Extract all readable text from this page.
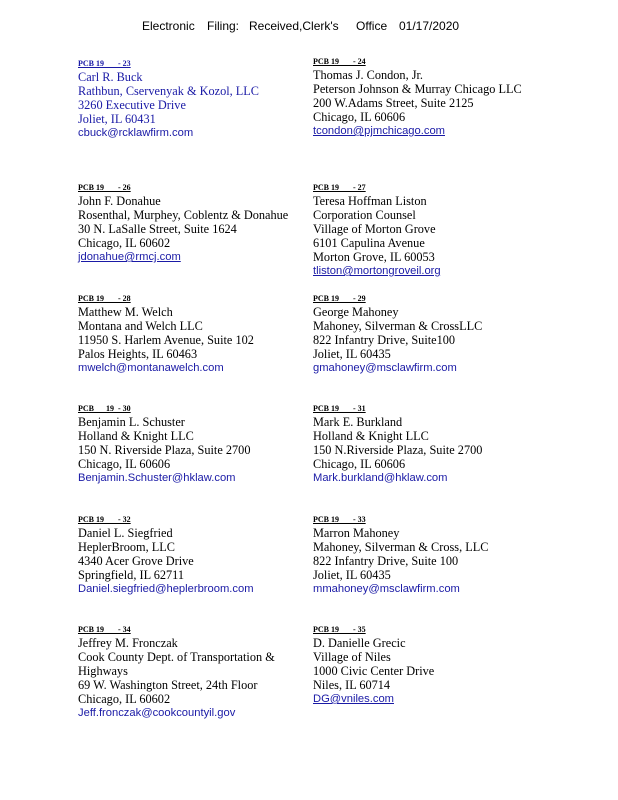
Electronic

Filing:

Received,Clerk's

Office

01/17/2020

PCB 19       - 23
Carl R. Buck
Rathbun, Cservenyak & Kozol, LLC
3260 Executive Drive
Joliet, IL 60431
cbuck@rcklawfirm.com
PCB 19       - 24
Thomas J. Condon, Jr.
Peterson Johnson & Murray Chicago LLC
200 W.Adams Street, Suite 2125
Chicago, IL 60606
tcondon@pjmchicago.com
PCB 19       - 26
John F. Donahue
Rosenthal, Murphey, Coblentz & Donahue
30 N. LaSalle Street, Suite 1624
Chicago, IL 60602
jdonahue@rmcj.com
PCB 19       - 27
Teresa Hoffman Liston
Corporation Counsel
Village of Morton Grove
6101 Capulina Avenue
Morton Grove, IL 60053
tliston@mortongroveil.org
PCB 19       - 28
Matthew M. Welch
Montana and Welch LLC
11950 S. Harlem Avenue, Suite 102
Palos Heights, IL 60463
mwelch@montanawelch.com
PCB 19       - 29
George Mahoney
Mahoney, Silverman & CrossLLC
822 Infantry Drive, Suite100
Joliet, IL 60435
gmahoney@msclawfirm.com
PCB      19  - 30
Benjamin L. Schuster
Holland & Knight LLC
150 N. Riverside Plaza, Suite 2700
Chicago, IL 60606
Benjamin.Schuster@hklaw.com
PCB 19       - 31
Mark E. Burkland
Holland & Knight LLC
150 N.Riverside Plaza, Suite 2700
Chicago, IL 60606
Mark.burkland@hklaw.com
PCB 19       - 32
Daniel L. Siegfried
HeplerBroom, LLC
4340 Acer Grove Drive
Springfield, IL 62711
Daniel.siegfried@heplerbroom.com
PCB 19       - 33
Marron Mahoney
Mahoney, Silverman & Cross, LLC
822 Infantry Drive, Suite 100
Joliet, IL 60435
mmahoney@msclawfirm.com
PCB 19       - 34
Jeffrey M. Fronczak
Cook County Dept. of Transportation & Highways
69 W. Washington Street, 24th Floor
Chicago, IL 60602
Jeff.fronczak@cookcountyil.gov
PCB 19       - 35
D. Danielle Grecic
Village of Niles
1000 Civic Center Drive
Niles, IL 60714
DG@vniles.com
